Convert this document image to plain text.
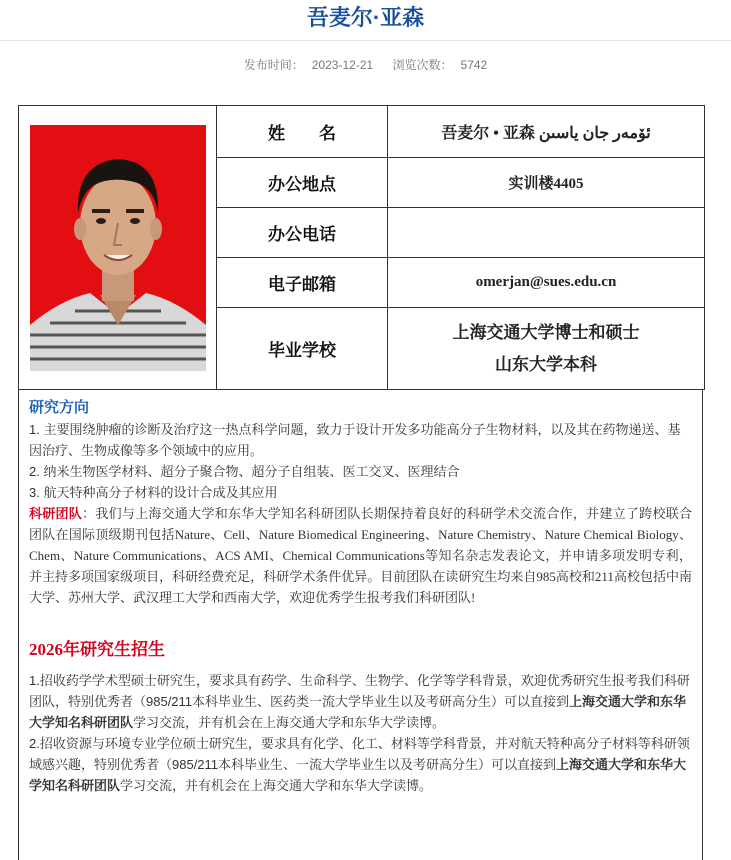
吾麦尔·亚森
发布时间： 2023-12-21 浏览次数： 5742
	姓　　名	吾麦尔 • 亚森 ئۆمەر جان ياسىن
	办公地点	实训楼4405
	办公电话	
	电子邮箱	omerjan@sues.edu.cn
	毕业学校	上海交通大学博士和硕士
山东大学本科
研究方向

1. 主要围绕肿瘤的诊断及治疗这一热点科学问题，致力于设计开发多功能高分子生物材料，以及其在药物递送、基因治疗、生物成像等多个领域中的应用。

2. 纳米生物医学材料、超分子聚合物、超分子自组装、医工交叉、医理结合

3. 航天特种高分子材料的设计合成及其应用

科研团队：我们与上海交通大学和东华大学知名科研团队长期保持着良好的科研学术交流合作，并建立了跨校联合团队在国际顶级期刊包括Nature、Cell、Nature Biomedical Engineering、Nature Chemistry、Nature Chemical Biology、Chem、Nature Communications、ACS AMI、Chemical Communications等知名杂志发表论文，并申请多项发明专利，并主持多项国家级项目，科研经费充足，科研学术条件优异。目前团队在读研究生均来自985高校和211高校包括中南大学、苏州大学、武汉理工大学和西南大学，欢迎优秀学生报考我们科研团队!

2026年研究生招生

1.招收药学学术型硕士研究生，要求具有药学、生命科学、生物学、化学等学科背景，欢迎优秀研究生报考我们科研团队，特别优秀者（985/211本科毕业生、医药类一流大学毕业生以及考研高分生）可以直接到上海交通大学和东华大学知名科研团队学习交流，并有机会在上海交通大学和东华大学读博。

2.招收资源与环境专业学位硕士研究生，要求具有化学、化工、材料等学科背景，并对航天特种高分子材料等科研领域感兴趣，特别优秀者（985/211本科毕业生、一流大学毕业生以及考研高分生）可以直接到上海交通大学和东华大学知名科研团队学习交流，并有机会在上海交通大学和东华大学读博。
